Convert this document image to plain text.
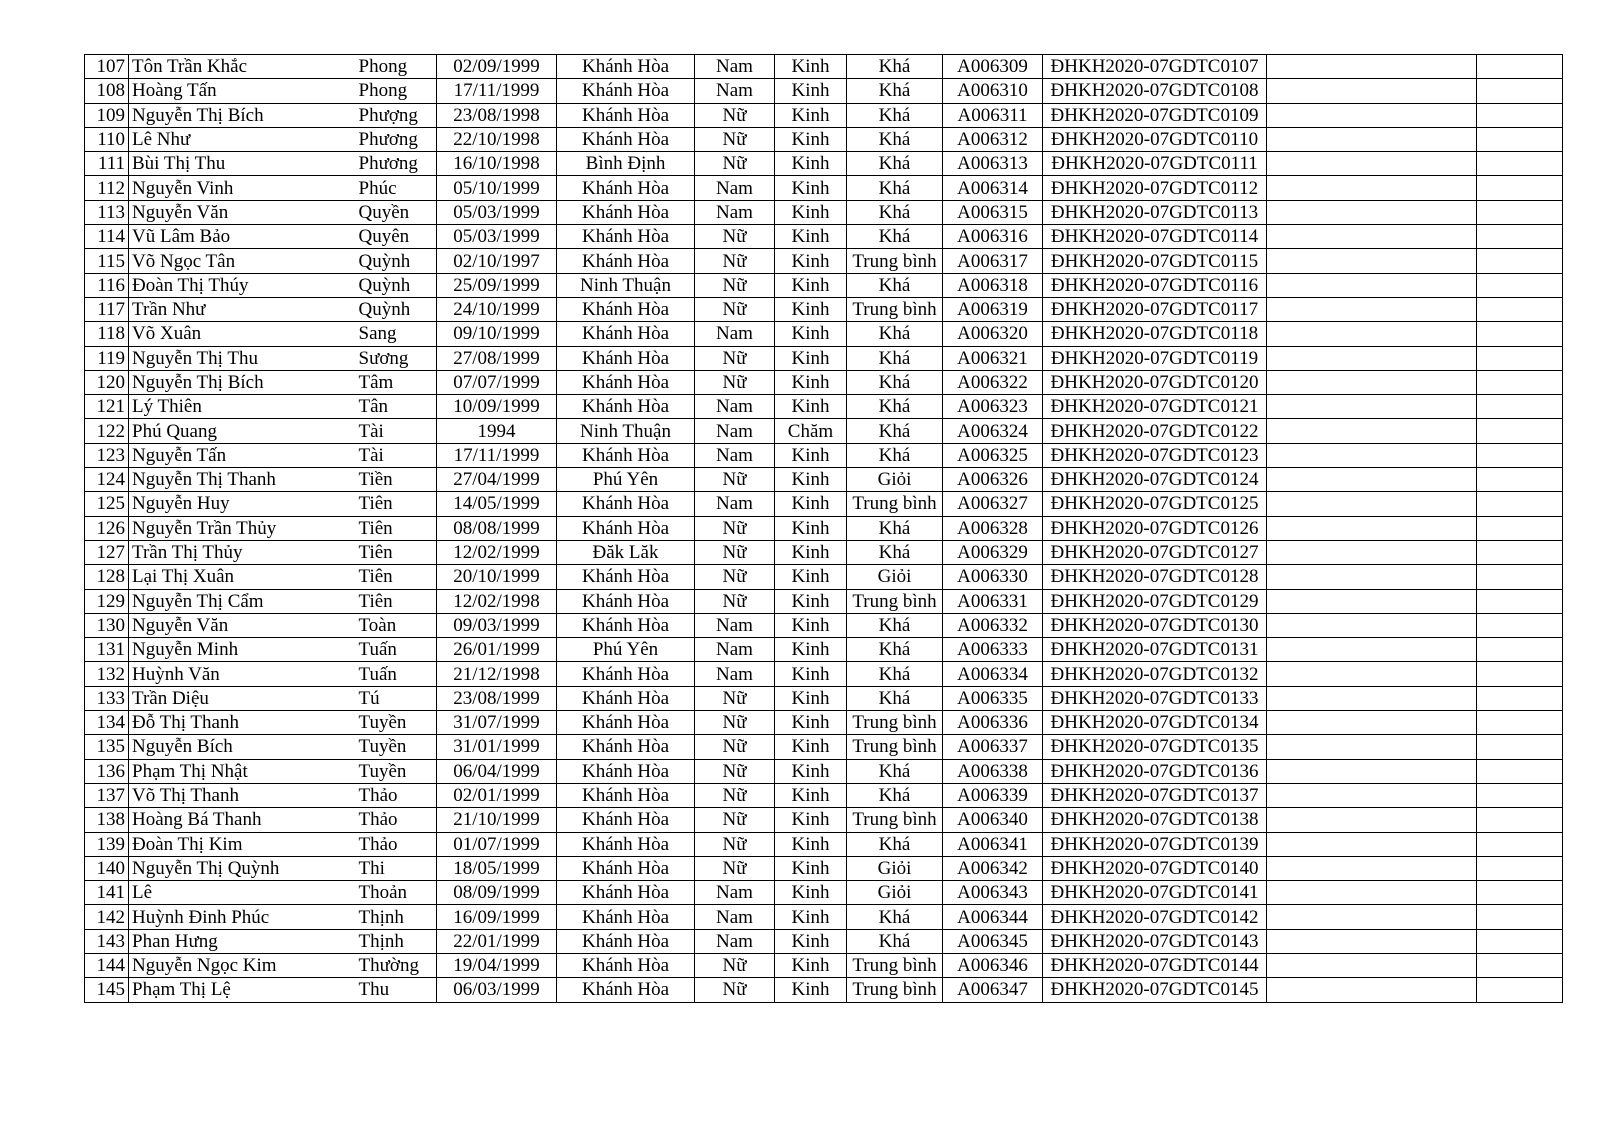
107	Tôn Trần Khắc	Phong	02/09/1999	Khánh Hòa	Nam	Kinh	Khá	A006309	ĐHKH2020-07GDTC0107		
108	Hoàng Tấn	Phong	17/11/1999	Khánh Hòa	Nam	Kinh	Khá	A006310	ĐHKH2020-07GDTC0108		
109	Nguyễn Thị Bích	Phượng	23/08/1998	Khánh Hòa	Nữ	Kinh	Khá	A006311	ĐHKH2020-07GDTC0109		
110	Lê Như	Phương	22/10/1998	Khánh Hòa	Nữ	Kinh	Khá	A006312	ĐHKH2020-07GDTC0110		
111	Bùi Thị Thu	Phương	16/10/1998	Bình Định	Nữ	Kinh	Khá	A006313	ĐHKH2020-07GDTC0111		
112	Nguyễn Vinh	Phúc	05/10/1999	Khánh Hòa	Nam	Kinh	Khá	A006314	ĐHKH2020-07GDTC0112		
113	Nguyễn Văn	Quyền	05/03/1999	Khánh Hòa	Nam	Kinh	Khá	A006315	ĐHKH2020-07GDTC0113		
114	Vũ Lâm Bảo	Quyên	05/03/1999	Khánh Hòa	Nữ	Kinh	Khá	A006316	ĐHKH2020-07GDTC0114		
115	Võ Ngọc Tân	Quỳnh	02/10/1997	Khánh Hòa	Nữ	Kinh	Trung bình	A006317	ĐHKH2020-07GDTC0115		
116	Đoàn Thị Thúy	Quỳnh	25/09/1999	Ninh Thuận	Nữ	Kinh	Khá	A006318	ĐHKH2020-07GDTC0116		
117	Trần Như	Quỳnh	24/10/1999	Khánh Hòa	Nữ	Kinh	Trung bình	A006319	ĐHKH2020-07GDTC0117		
118	Võ Xuân	Sang	09/10/1999	Khánh Hòa	Nam	Kinh	Khá	A006320	ĐHKH2020-07GDTC0118		
119	Nguyễn Thị Thu	Sương	27/08/1999	Khánh Hòa	Nữ	Kinh	Khá	A006321	ĐHKH2020-07GDTC0119		
120	Nguyễn Thị Bích	Tâm	07/07/1999	Khánh Hòa	Nữ	Kinh	Khá	A006322	ĐHKH2020-07GDTC0120		
121	Lý Thiên	Tân	10/09/1999	Khánh Hòa	Nam	Kinh	Khá	A006323	ĐHKH2020-07GDTC0121		
122	Phú Quang	Tài	1994	Ninh Thuận	Nam	Chăm	Khá	A006324	ĐHKH2020-07GDTC0122		
123	Nguyễn Tấn	Tài	17/11/1999	Khánh Hòa	Nam	Kinh	Khá	A006325	ĐHKH2020-07GDTC0123		
124	Nguyễn Thị Thanh	Tiền	27/04/1999	Phú Yên	Nữ	Kinh	Giỏi	A006326	ĐHKH2020-07GDTC0124		
125	Nguyễn Huy	Tiên	14/05/1999	Khánh Hòa	Nam	Kinh	Trung bình	A006327	ĐHKH2020-07GDTC0125		
126	Nguyễn Trần Thủy	Tiên	08/08/1999	Khánh Hòa	Nữ	Kinh	Khá	A006328	ĐHKH2020-07GDTC0126		
127	Trần Thị Thủy	Tiên	12/02/1999	Đăk Lăk	Nữ	Kinh	Khá	A006329	ĐHKH2020-07GDTC0127		
128	Lại Thị Xuân	Tiên	20/10/1999	Khánh Hòa	Nữ	Kinh	Giỏi	A006330	ĐHKH2020-07GDTC0128		
129	Nguyễn Thị Cẩm	Tiên	12/02/1998	Khánh Hòa	Nữ	Kinh	Trung bình	A006331	ĐHKH2020-07GDTC0129		
130	Nguyễn Văn	Toàn	09/03/1999	Khánh Hòa	Nam	Kinh	Khá	A006332	ĐHKH2020-07GDTC0130		
131	Nguyễn Minh	Tuấn	26/01/1999	Phú Yên	Nam	Kinh	Khá	A006333	ĐHKH2020-07GDTC0131		
132	Huỳnh Văn	Tuấn	21/12/1998	Khánh Hòa	Nam	Kinh	Khá	A006334	ĐHKH2020-07GDTC0132		
133	Trần Diệu	Tú	23/08/1999	Khánh Hòa	Nữ	Kinh	Khá	A006335	ĐHKH2020-07GDTC0133		
134	Đỗ Thị Thanh	Tuyền	31/07/1999	Khánh Hòa	Nữ	Kinh	Trung bình	A006336	ĐHKH2020-07GDTC0134		
135	Nguyễn Bích	Tuyền	31/01/1999	Khánh Hòa	Nữ	Kinh	Trung bình	A006337	ĐHKH2020-07GDTC0135		
136	Phạm Thị Nhật	Tuyền	06/04/1999	Khánh Hòa	Nữ	Kinh	Khá	A006338	ĐHKH2020-07GDTC0136		
137	Võ Thị Thanh	Thảo	02/01/1999	Khánh Hòa	Nữ	Kinh	Khá	A006339	ĐHKH2020-07GDTC0137		
138	Hoàng Bá Thanh	Thảo	21/10/1999	Khánh Hòa	Nữ	Kinh	Trung bình	A006340	ĐHKH2020-07GDTC0138		
139	Đoàn Thị Kim	Thảo	01/07/1999	Khánh Hòa	Nữ	Kinh	Khá	A006341	ĐHKH2020-07GDTC0139		
140	Nguyễn Thị Quỳnh	Thi	18/05/1999	Khánh Hòa	Nữ	Kinh	Giỏi	A006342	ĐHKH2020-07GDTC0140		
141	Lê	Thoản	08/09/1999	Khánh Hòa	Nam	Kinh	Giỏi	A006343	ĐHKH2020-07GDTC0141		
142	Huỳnh Đinh Phúc	Thịnh	16/09/1999	Khánh Hòa	Nam	Kinh	Khá	A006344	ĐHKH2020-07GDTC0142		
143	Phan Hưng	Thịnh	22/01/1999	Khánh Hòa	Nam	Kinh	Khá	A006345	ĐHKH2020-07GDTC0143		
144	Nguyễn Ngọc Kim	Thường	19/04/1999	Khánh Hòa	Nữ	Kinh	Trung bình	A006346	ĐHKH2020-07GDTC0144		
145	Phạm Thị Lệ	Thu	06/03/1999	Khánh Hòa	Nữ	Kinh	Trung bình	A006347	ĐHKH2020-07GDTC0145		
